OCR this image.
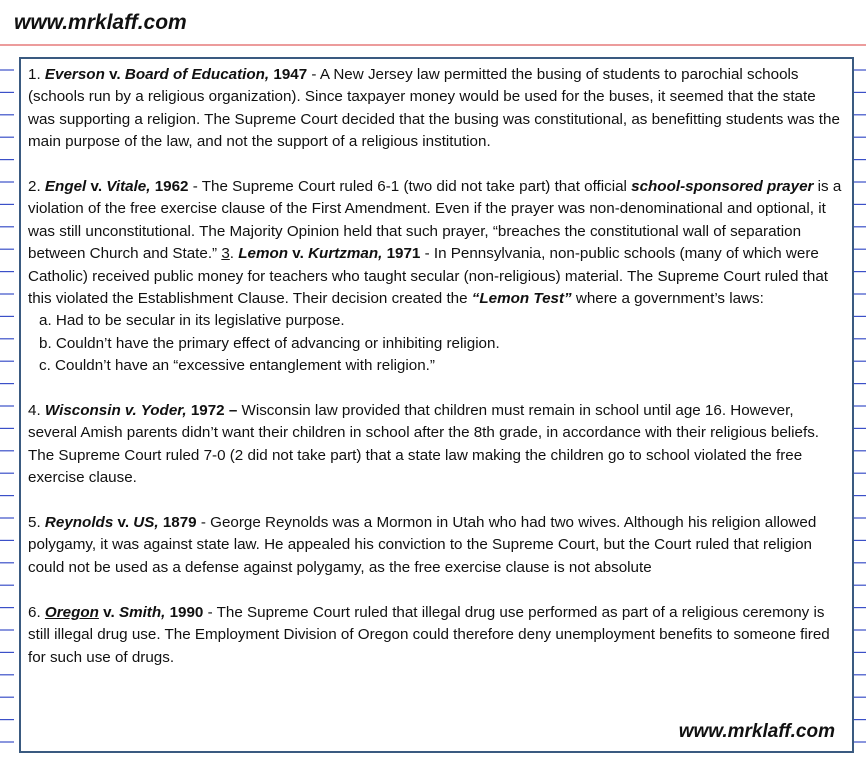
www.mrklaff.com

1. Everson v. Board of Education, 1947 - A New Jersey law permitted the busing of students to parochial schools (schools run by a religious organization). Since taxpayer money would be used for the buses, it seemed that the state was supporting a religion. The Supreme Court decided that the busing was constitutional, as benefitting students was the main purpose of the law, and not the support of a religious institution.

2. Engel v. Vitale, 1962 - The Supreme Court ruled 6-1 (two did not take part) that official school-sponsored prayer is a violation of the free exercise clause of the First Amendment. Even if the prayer was non-denominational and optional, it was still unconstitutional. The Majority Opinion held that such prayer, “breaches the constitutional wall of separation between Church and State.” 3. Lemon v. Kurtzman, 1971 - In Pennsylvania, non-public schools (many of which were Catholic) received public money for teachers who taught secular (non-religious) material. The Supreme Court ruled that this violated the Establishment Clause. Their decision created the “Lemon Test” where a government’s laws:

a. Had to be secular in its legislative purpose.
b. Couldn’t have the primary effect of advancing or inhibiting religion.
c. Couldn’t have an “excessive entanglement with religion.”

4. Wisconsin v. Yoder, 1972 – Wisconsin law provided that children must remain in school until age 16. However, several Amish parents didn’t want their children in school after the 8th grade, in accordance with their religious beliefs. The Supreme Court ruled 7-0 (2 did not take part) that a state law making the children go to school violated the free exercise clause.

5. Reynolds v. US, 1879 - George Reynolds was a Mormon in Utah who had two wives. Although his religion allowed polygamy, it was against state law. He appealed his conviction to the Supreme Court, but the Court ruled that religion could not be used as a defense against polygamy, as the free exercise clause is not absolute

6. Oregon v. Smith, 1990 - The Supreme Court ruled that illegal drug use performed as part of a religious ceremony is still illegal drug use. The Employment Division of Oregon could therefore deny unemployment benefits to someone fired for such use of drugs.

www.mrklaff.com
